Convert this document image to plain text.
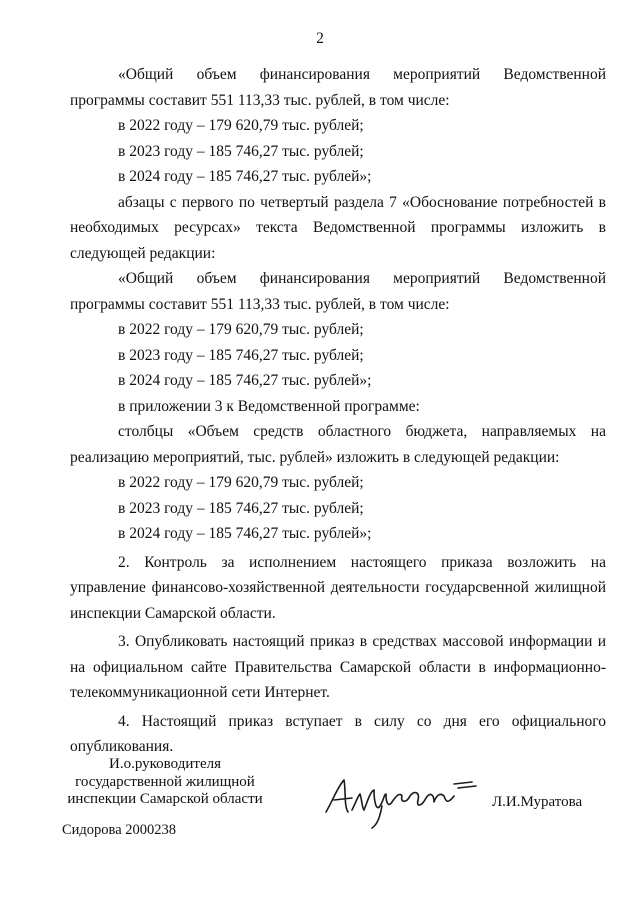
2

«Общий объем финансирования мероприятий Ведомственной программы составит 551 113,33 тыс. рублей, в том числе:

в 2022 году – 179 620,79 тыс. рублей;

в 2023 году – 185 746,27 тыс. рублей;

в 2024 году – 185 746,27 тыс. рублей»;

абзацы с первого по четвертый раздела 7 «Обоснование потребностей в необходимых ресурсах» текста Ведомственной программы изложить в следующей редакции:

«Общий объем финансирования мероприятий Ведомственной программы составит 551 113,33 тыс. рублей, в том числе:

в 2022 году – 179 620,79 тыс. рублей;

в 2023 году – 185 746,27 тыс. рублей;

в 2024 году – 185 746,27 тыс. рублей»;

в приложении 3 к Ведомственной программе:

столбцы «Объем средств областного бюджета, направляемых на реализацию мероприятий, тыс. рублей» изложить в следующей редакции:

в 2022 году – 179 620,79 тыс. рублей;

в 2023 году – 185 746,27 тыс. рублей;

в 2024 году – 185 746,27 тыс. рублей»;

2. Контроль за исполнением настоящего приказа возложить на управление финансово-хозяйственной деятельности государсвенной жилищной инспекции Самарской области.

3. Опубликовать настоящий приказ в средствах массовой информации и на официальном сайте Правительства Самарской области в информационно-телекоммуникационной сети Интернет.

4. Настоящий приказ вступает в силу со дня его официального опубликования.

И.о.руководителя
государственной жилищной
инспекции Самарской области	Л.И.Муратова
Сидорова 2000238
